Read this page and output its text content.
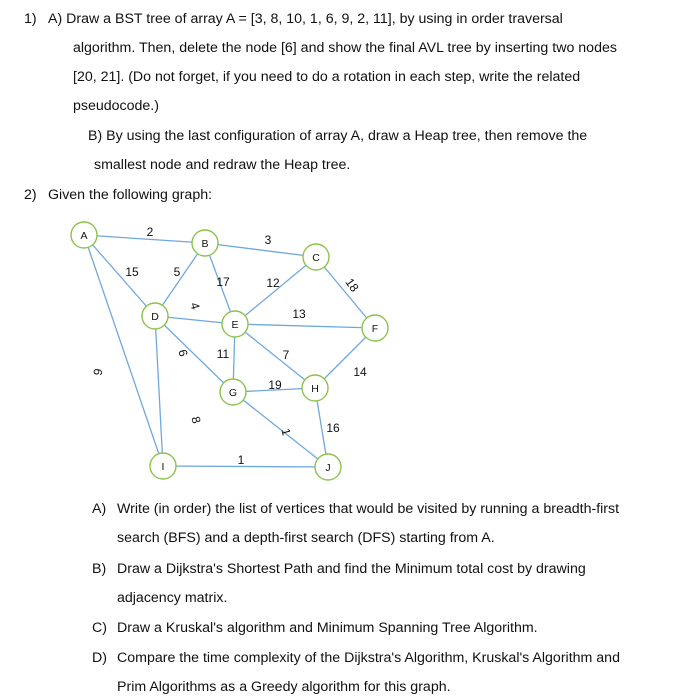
1) A) Draw a BST tree of array A = [3, 8, 10, 1, 6, 9, 2, 11], by using in order traversal
algorithm. Then, delete the node [6] and show the final AVL tree by inserting two nodes
[20, 21]. (Do not forget, if you need to do a rotation in each step, write the related
pseudocode.)
B) By using the last configuration of array A, draw a Heap tree, then remove the
smallest node and redraw the Heap tree.
2) Given the following graph:
2
3
15	5
17	12	18
4
13
9
6 11	7
14
19
8
1	16
1
A
B
C
D
E	F
G	H
I	J
A) Write (in order) the list of vertices that would be visited by running a breadth-first
search (BFS) and a depth-first search (DFS) starting from A.
B) Draw a Dijkstra's Shortest Path and find the Minimum total cost by drawing
adjacency matrix.
C) Draw a Kruskal's algorithm and Minimum Spanning Tree Algorithm.
D) Compare the time complexity of the Dijkstra's Algorithm, Kruskal's Algorithm and
Prim Algorithms as a Greedy algorithm for this graph.
